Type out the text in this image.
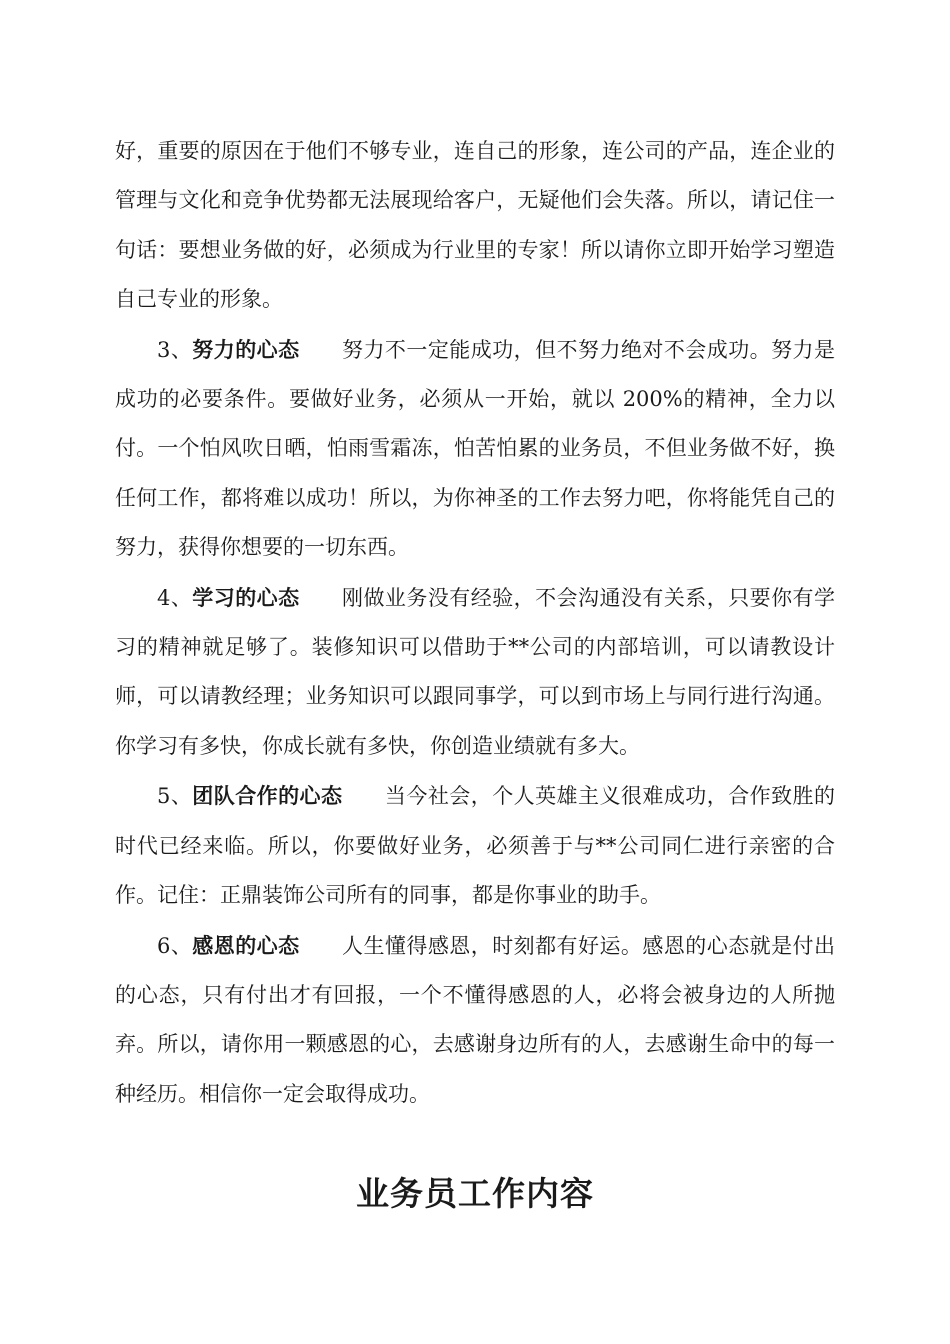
好，重要的原因在于他们不够专业，连自己的形象，连公司的产品，连企业的管理与文化和竞争优势都无法展现给客户，无疑他们会失落。所以，请记住一句话：要想业务做的好，必须成为行业里的专家！所以请你立即开始学习塑造自己专业的形象。

3、努力的心态 努力不一定能成功，但不努力绝对不会成功。努力是成功的必要条件。要做好业务，必须从一开始，就以 200%的精神，全力以付。一个怕风吹日晒，怕雨雪霜冻，怕苦怕累的业务员，不但业务做不好，换任何工作，都将难以成功！所以，为你神圣的工作去努力吧，你将能凭自己的努力，获得你想要的一切东西。

4、学习的心态 刚做业务没有经验，不会沟通没有关系，只要你有学习的精神就足够了。装修知识可以借助于**公司的内部培训，可以请教设计师，可以请教经理；业务知识可以跟同事学，可以到市场上与同行进行沟通。你学习有多快，你成长就有多快，你创造业绩就有多大。

5、团队合作的心态 当今社会，个人英雄主义很难成功，合作致胜的时代已经来临。所以，你要做好业务，必须善于与**公司同仁进行亲密的合作。记住：正鼎装饰公司所有的同事，都是你事业的助手。

6、感恩的心态 人生懂得感恩，时刻都有好运。感恩的心态就是付出的心态，只有付出才有回报，一个不懂得感恩的人，必将会被身边的人所抛弃。所以，请你用一颗感恩的心，去感谢身边所有的人，去感谢生命中的每一种经历。相信你一定会取得成功。

业务员工作内容
